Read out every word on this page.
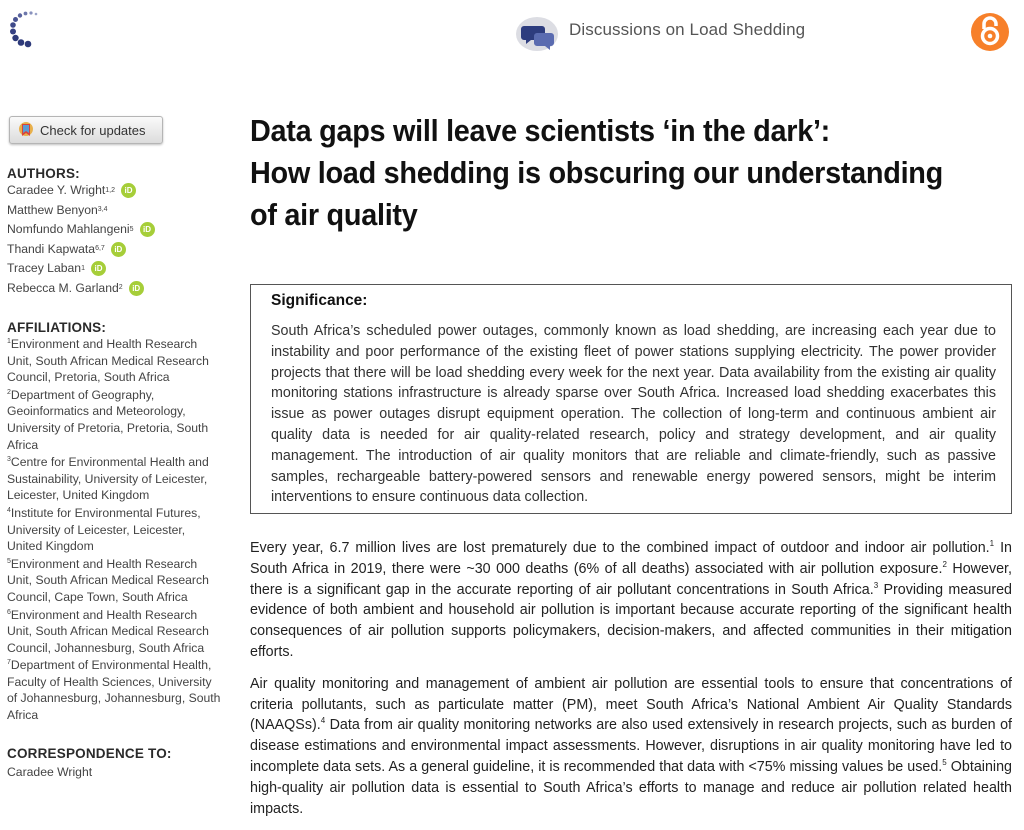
Discussions on Load Shedding
Check for updates
AUTHORS:
Caradee Y. Wright 1,2	iD
Matthew Benyon 3,4
Nomfundo Mahlangeni 5	iD
Thandi Kapwata 6,7	iD
Tracey Laban 1	iD
Rebecca M. Garland 2	iD
AFFILIATIONS:
$^1$Environment and Health Research Unit, South African Medical Research Council, Pretoria, South Africa
$^2$Department of Geography, Geoinformatics and Meteorology, University of Pretoria, Pretoria, South Africa
$^3$Centre for Environmental Health and Sustainability, University of Leicester, Leicester, United Kingdom
$^4$Institute for Environmental Futures, University of Leicester, Leicester, United Kingdom
$^5$Environment and Health Research Unit, South African Medical Research Council, Cape Town, South Africa
$^6$Environment and Health Research Unit, South African Medical Research Council, Johannesburg, South Africa
$^7$Department of Environmental Health, Faculty of Health Sciences, University of Johannesburg, Johannesburg, South Africa
CORRESPONDENCE TO:
Caradee Wright
Data gaps will leave scientists ‘in the dark’:
How load shedding is obscuring our understanding
of air quality
Significance:
South Africa’s scheduled power outages, commonly known as load shedding, are increasing each year due to instability and poor performance of the existing fleet of power stations supplying electricity. The power provider projects that there will be load shedding every week for the next year. Data availability from the existing air quality monitoring stations infrastructure is already sparse over South Africa. Increased load shedding exacerbates this issue as power outages disrupt equipment operation. The collection of long-term and continuous ambient air quality data is needed for air quality-related research, policy and strategy development, and air quality management. The introduction of air quality monitors that are reliable and climate-friendly, such as passive samples, rechargeable battery-powered sensors and renewable energy powered sensors, might be interim interventions to ensure continuous data collection.

Every year, 6.7 million lives are lost prematurely due to the combined impact of outdoor and indoor air pollution.$^1$ In South Africa in 2019, there were ~30 000 deaths (6% of all deaths) associated with air pollution exposure.$^2$ However, there is a significant gap in the accurate reporting of air pollutant concentrations in South Africa.$^3$ Providing measured evidence of both ambient and household air pollution is important because accurate reporting of the significant health consequences of air pollution supports policymakers, decision-makers, and affected communities in their mitigation efforts.

Air quality monitoring and management of ambient air pollution are essential tools to ensure that concentrations of criteria pollutants, such as particulate matter (PM), meet South Africa’s National Ambient Air Quality Standards (NAAQSs).$^4$ Data from air quality monitoring networks are also used extensively in research projects, such as burden of disease estimations and environmental impact assessments. However, disruptions in air quality monitoring have led to incomplete data sets. As a general guideline, it is recommended that data with <75% missing values be used.$^5$ Obtaining high-quality air pollution data is essential to South Africa’s efforts to manage and reduce air pollution related health impacts.
